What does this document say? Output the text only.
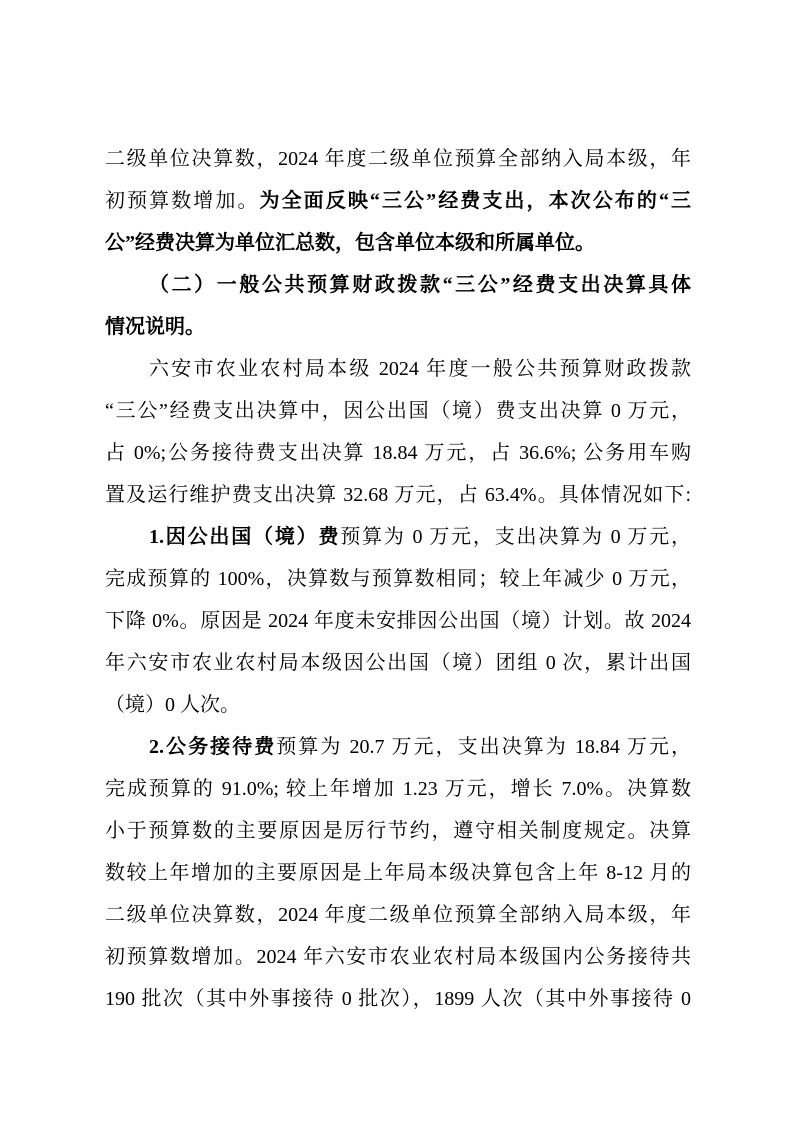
二级单位决算数，2024 年度二级单位预算全部纳入局本级，年
初预算数增加。为全面反映“三公”经费支出，本次公布的“三
公”经费决算为单位汇总数，包含单位本级和所属单位。
（二）一般公共预算财政拨款“三公”经费支出决算具体
情况说明。
六安市农业农村局本级 2024 年度一般公共预算财政拨款
“三公”经费支出决算中，因公出国（境）费支出决算 0 万元，
占 0%;公务接待费支出决算 18.84 万元，占 36.6%; 公务用车购
置及运行维护费支出决算 32.68 万元，占 63.4%。具体情况如下:
1.因公出国（境）费预算为 0 万元，支出决算为 0 万元，
完成预算的 100%，决算数与预算数相同；较上年减少 0 万元，
下降 0%。原因是 2024 年度未安排因公出国（境）计划。故 2024
年六安市农业农村局本级因公出国（境）团组 0 次，累计出国
（境）0 人次。
2.公务接待费预算为 20.7 万元，支出决算为 18.84 万元，
完成预算的 91.0%; 较上年增加 1.23 万元，增长 7.0%。决算数
小于预算数的主要原因是厉行节约，遵守相关制度规定。决算
数较上年增加的主要原因是上年局本级决算包含上年 8-12 月的
二级单位决算数，2024 年度二级单位预算全部纳入局本级，年
初预算数增加。2024 年六安市农业农村局本级国内公务接待共
190 批次（其中外事接待 0 批次），1899 人次（其中外事接待 0
